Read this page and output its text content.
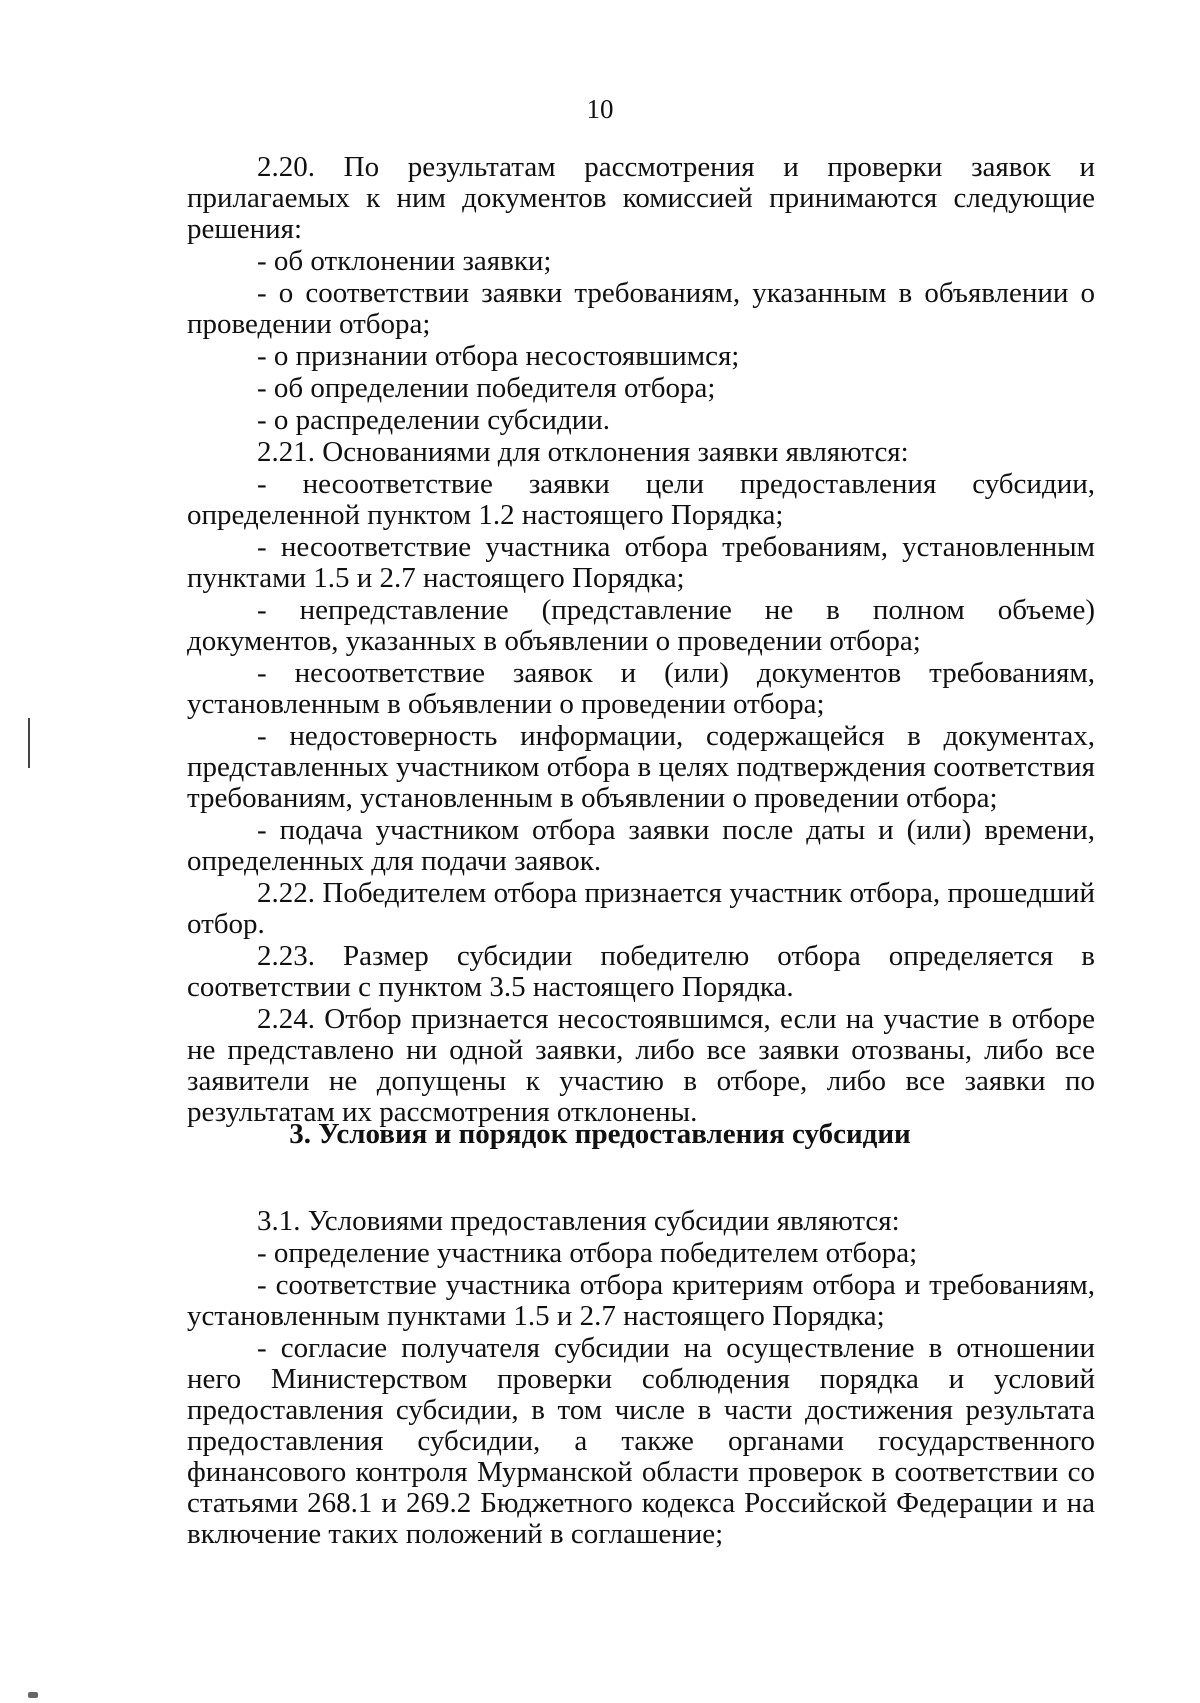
10

2.20. По результатам рассмотрения и проверки заявок и прилагаемых к ним документов комиссией принимаются следующие решения:

- об отклонении заявки;

- о соответствии заявки требованиям, указанным в объявлении о проведении отбора;

- о признании отбора несостоявшимся;

- об определении победителя отбора;

- о распределении субсидии.

2.21. Основаниями для отклонения заявки являются:

- несоответствие заявки цели предоставления субсидии, определенной пунктом 1.2 настоящего Порядка;

- несоответствие участника отбора требованиям, установленным пунктами 1.5 и 2.7 настоящего Порядка;

- непредставление (представление не в полном объеме) документов, указанных в объявлении о проведении отбора;

- несоответствие заявок и (или) документов требованиям, установленным в объявлении о проведении отбора;

- недостоверность информации, содержащейся в документах, представленных участником отбора в целях подтверждения соответствия требованиям, установленным в объявлении о проведении отбора;

- подача участником отбора заявки после даты и (или) времени, определенных для подачи заявок.

2.22. Победителем отбора признается участник отбора, прошедший отбор.

2.23. Размер субсидии победителю отбора определяется в соответствии с пунктом 3.5 настоящего Порядка.

2.24. Отбор признается несостоявшимся, если на участие в отборе не представлено ни одной заявки, либо все заявки отозваны, либо все заявители не допущены к участию в отборе, либо все заявки по результатам их рассмотрения отклонены.

3. Условия и порядок предоставления субсидии

3.1. Условиями предоставления субсидии являются:

- определение участника отбора победителем отбора;

- соответствие участника отбора критериям отбора и требованиям, установленным пунктами 1.5 и 2.7 настоящего Порядка;

- согласие получателя субсидии на осуществление в отношении него Министерством проверки соблюдения порядка и условий предоставления субсидии, в том числе в части достижения результата предоставления субсидии, а также органами государственного финансового контроля Мурманской области проверок в соответствии со статьями 268.1 и 269.2 Бюджетного кодекса Российской Федерации и на включение таких положений в соглашение;
